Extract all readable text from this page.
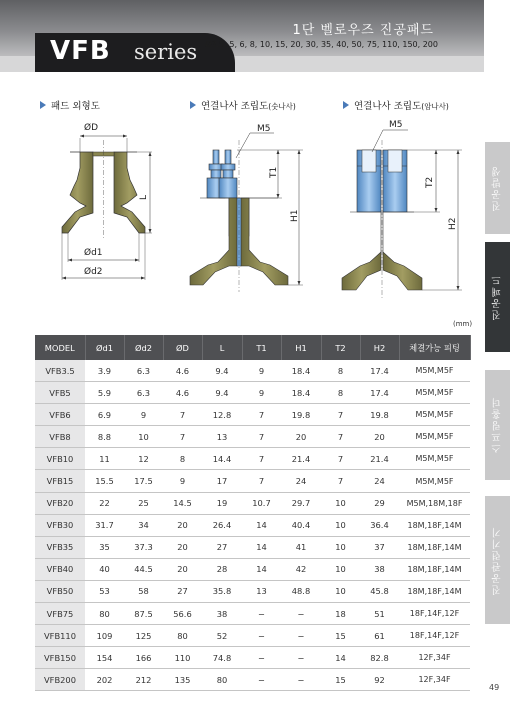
VFB series
1단 벨로우즈 진공패드
Ø3.5, 5, 6, 8, 10, 15, 20, 30, 35, 40, 50, 75, 110, 150, 200
진공발생
진공패드
스프링홀더
진공관련기기
패드 외형도	연결나사 조립도(숫나사)	연결나사 조립도(암나사)
ØD
L
Ød1
Ød2
M5
T1
H1
M5
T2
H2
(mm)
MODEL	Ød1	Ød2	ØD	L	T1	H1	T2	H2	체결가능 피팅
VFB3.5	3.9	6.3	4.6	9.4	9	18.4	8	17.4	M5M,M5F
VFB5	5.9	6.3	4.6	9.4	9	18.4	8	17.4	M5M,M5F
VFB6	6.9	9	7	12.8	7	19.8	7	19.8	M5M,M5F
VFB8	8.8	10	7	13	7	20	7	20	M5M,M5F
VFB10	11	12	8	14.4	7	21.4	7	21.4	M5M,M5F
VFB15	15.5	17.5	9	17	7	24	7	24	M5M,M5F
VFB20	22	25	14.5	19	10.7	29.7	10	29	M5M,18M,18F
VFB30	31.7	34	20	26.4	14	40.4	10	36.4	18M,18F,14M
VFB35	35	37.3	20	27	14	41	10	37	18M,18F,14M
VFB40	40	44.5	20	28	14	42	10	38	18M,18F,14M
VFB50	53	58	27	35.8	13	48.8	10	45.8	18M,18F,14M
VFB75	80	87.5	56.6	38	−	−	18	51	18F,14F,12F
VFB110	109	125	80	52	−	−	15	61	18F,14F,12F
VFB150	154	166	110	74.8	−	−	14	82.8	12F,34F
VFB200	202	212	135	80	−	−	15	92	12F,34F
49
